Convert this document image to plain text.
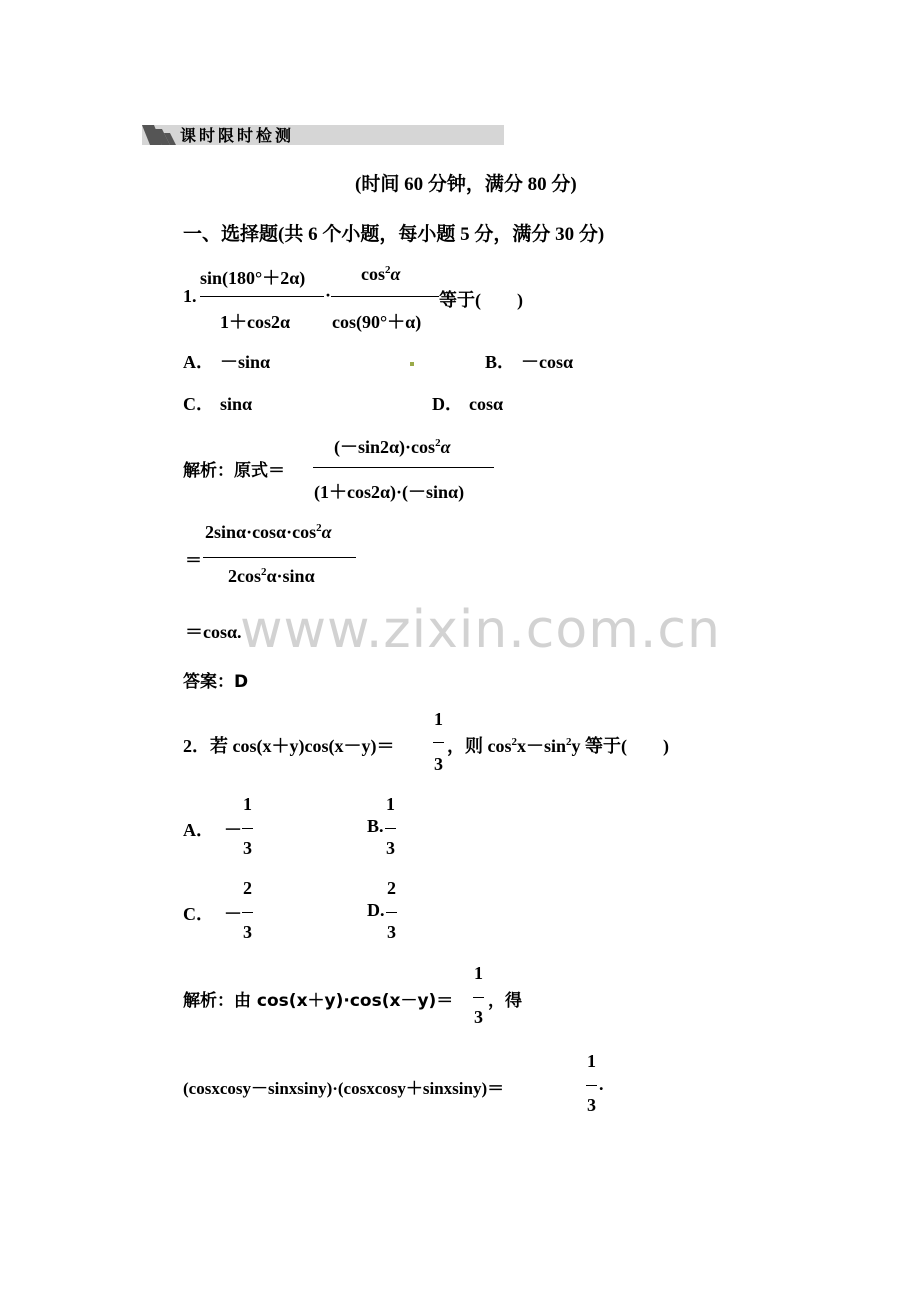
课时限时检测
(时间 60 分钟，满分 80 分)
一、选择题(共 6 个小题，每小题 5 分，满分 30 分)
www.zixin.com.cn
sin(180°＋2α)
1＋cos2α
1.	·
$\cos^2\alpha$
cos(90°＋α)
等于(　　)
A． －sinα	B． －cosα
C． sinα	D． cosα
解析：原式＝
$(-\sin 2\alpha)\cdot\cos^2\alpha$
(1＋cos2α)·(－sinα)
＝
$2\sin\alpha\cdot\cos\alpha\cdot\cos^2\alpha$
$2\cos^2\alpha\cdot\sin\alpha$
＝cosα.
答案：D
2．若 cos(x＋y)cos(x－y)＝
1
3
，则 $\cos^2x-\sin^2y$ 等于(　　)
A． －
1
3
B.
1
3
C． －
2
3
D.
2
3
解析：由 cos(x＋y)·cos(x－y)＝
1
3
，得
(cosxcosy－sinxsiny)·(cosxcosy＋sinxsiny)＝
1
3
.
